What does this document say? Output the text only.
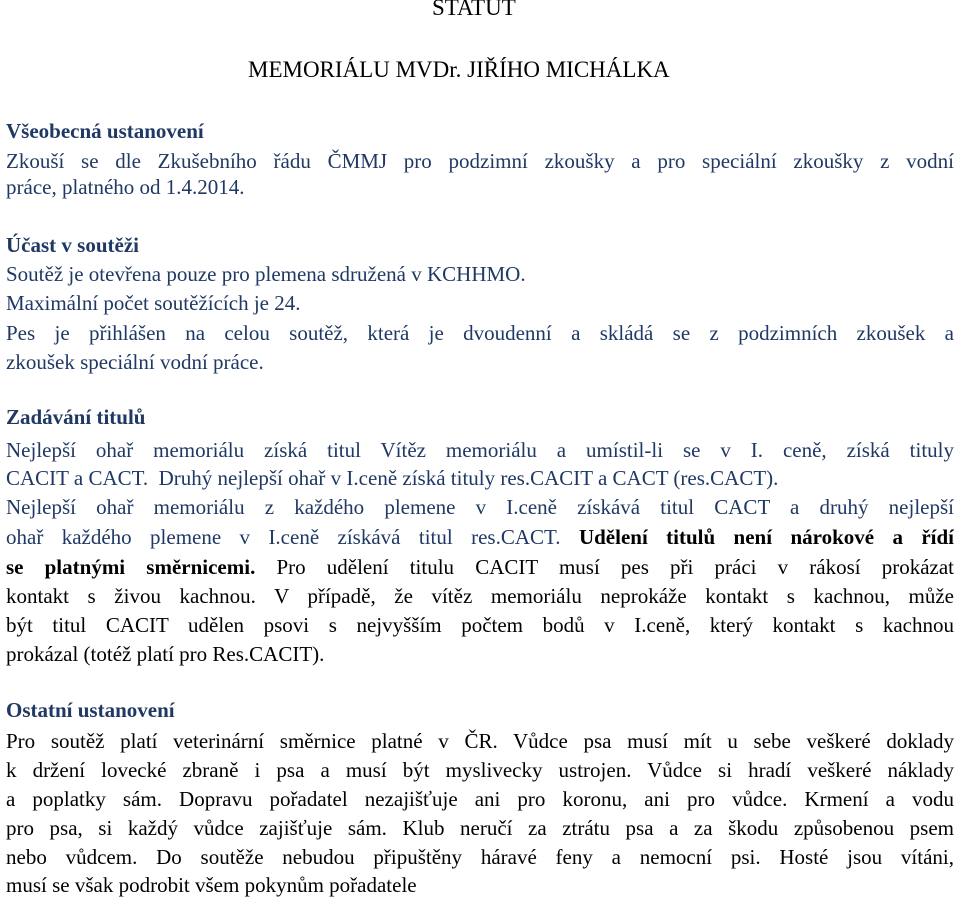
STATUT

MEMORIÁLU MVDr. JIŘÍHO MICHÁLKA

Všeobecná ustanovení

Zkouší se dle Zkušebního řádu ČMMJ pro podzimní zkoušky a pro speciální zkoušky z vodní

práce, platného od 1.4.2014.

Účast v soutěži

Soutěž je otevřena pouze pro plemena sdružená v KCHHMO.

Maximální počet soutěžících je 24.

Pes je přihlášen na celou soutěž, která je dvoudenní a skládá se z podzimních zkoušek a

zkoušek speciální vodní práce.

Zadávání titulů

Nejlepší ohař memoriálu získá titul Vítěz memoriálu a umístil-li se v I. ceně, získá tituly

CACIT a CACT.  Druhý nejlepší ohař v I.ceně získá tituly res.CACIT a CACT (res.CACT).

Nejlepší ohař memoriálu z každého plemene v I.ceně získává titul CACT a druhý nejlepší

ohař každého plemene v I.ceně získává titul res.CACT. Udělení titulů není nárokové a řídí

se platnými směrnicemi. Pro udělení titulu CACIT musí pes při práci v rákosí prokázat

kontakt s živou kachnou. V případě, že vítěz memoriálu neprokáže kontakt s kachnou, může

být titul CACIT udělen psovi s nejvyšším počtem bodů v I.ceně, který kontakt s kachnou

prokázal (totéž platí pro Res.CACIT).

Ostatní ustanovení

Pro soutěž platí veterinární směrnice platné v ČR. Vůdce psa musí mít u sebe veškeré doklady

k držení lovecké zbraně i psa a musí být myslivecky ustrojen. Vůdce si hradí veškeré náklady

a poplatky sám. Dopravu pořadatel nezajišťuje ani pro koronu, ani pro vůdce. Krmení a vodu

pro psa, si každý vůdce zajišťuje sám. Klub neručí za ztrátu psa a za škodu způsobenou psem

nebo vůdcem. Do soutěže nebudou připuštěny háravé feny a nemocní psi. Hosté jsou vítáni,

musí se však podrobit všem pokynům pořadatele
